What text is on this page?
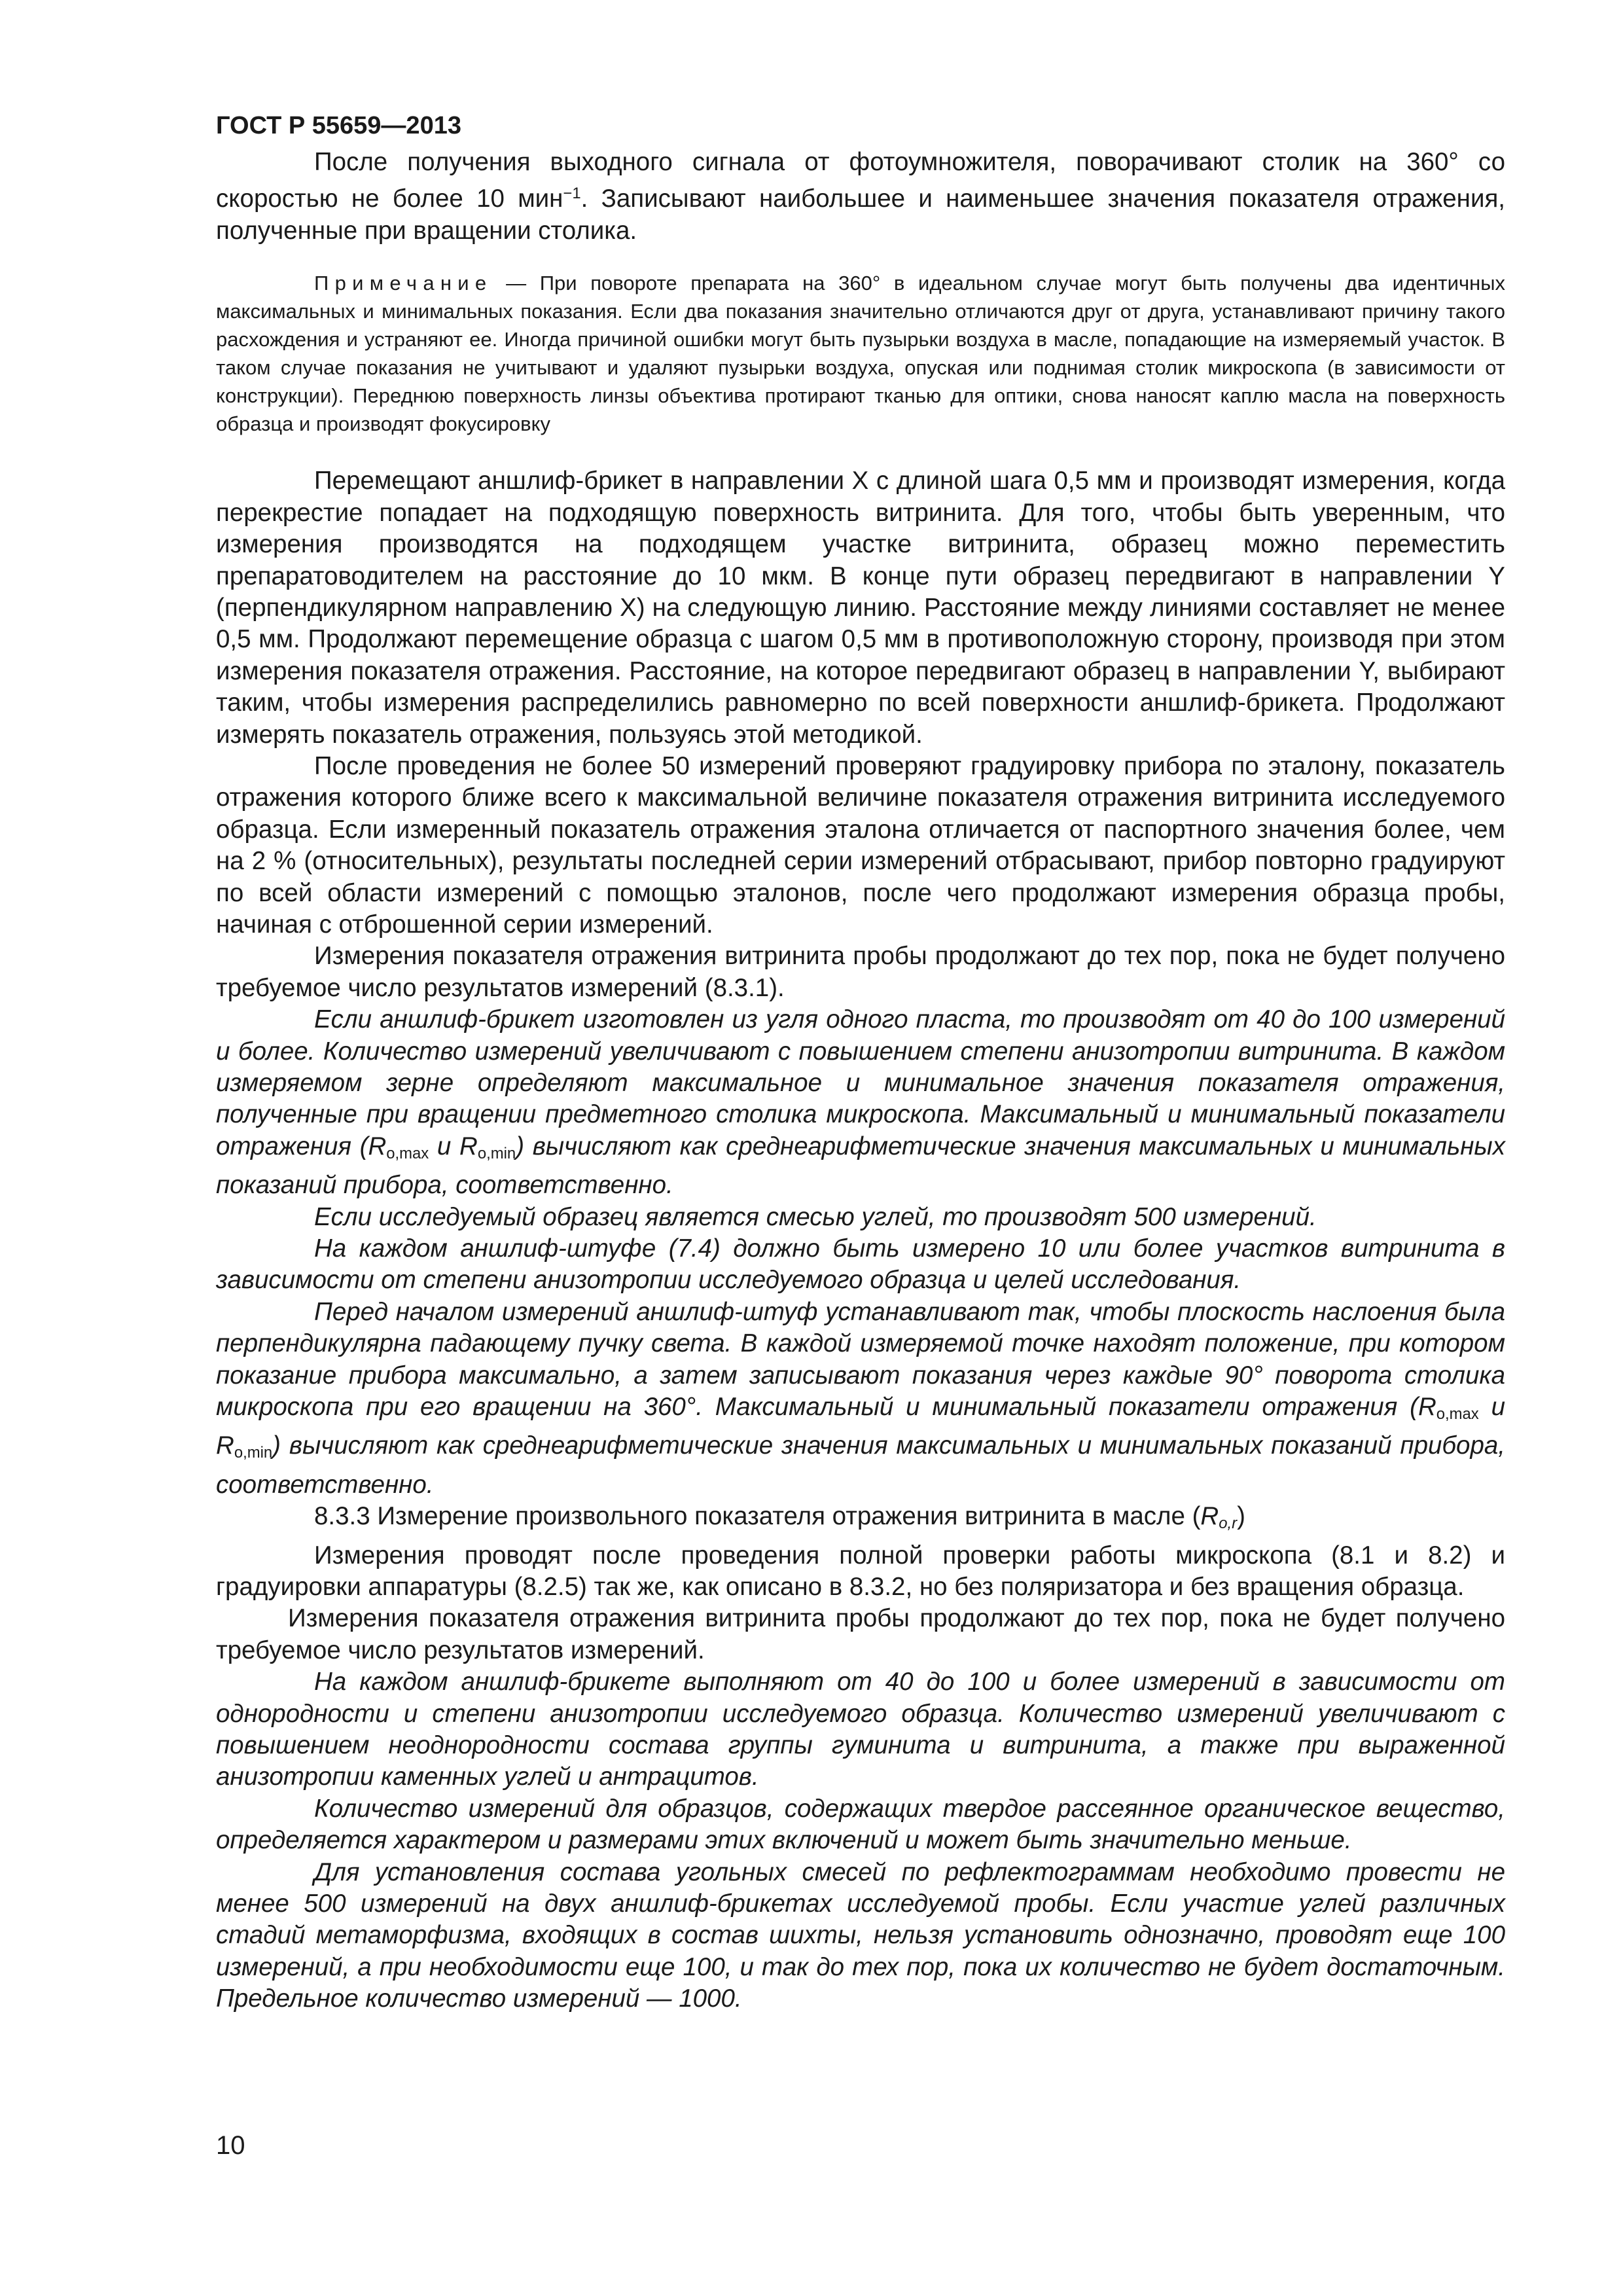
ГОСТ Р 55659—2013

После получения выходного сигнала от фотоумножителя, поворачивают столик на 360° со скоростью не более 10 мин$^{-1}$. Записывают наибольшее и наименьшее значения показателя отражения, полученные при вращении столика.

Примечание — При повороте препарата на 360° в идеальном случае могут быть получены два идентичных максимальных и минимальных показания. Если два показания значительно отличаются друг от друга, устанавливают причину такого расхождения и устраняют ее. Иногда причиной ошибки могут быть пузырьки воздуха в масле, попадающие на измеряемый участок. В таком случае показания не учитывают и удаляют пузырьки воздуха, опуская или поднимая столик микроскопа (в зависимости от конструкции). Переднюю поверхность линзы объектива протирают тканью для оптики, снова наносят каплю масла на поверхность образца и производят фокусировку

Перемещают аншлиф-брикет в направлении X с длиной шага 0,5 мм и производят измерения, когда перекрестие попадает на подходящую поверхность витринита. Для того, чтобы быть уверенным, что измерения производятся на подходящем участке витринита, образец можно переместить препаратоводителем на расстояние до 10 мкм. В конце пути образец передвигают в направлении Y (перпендикулярном направлению X) на следующую линию. Расстояние между линиями составляет не менее 0,5 мм. Продолжают перемещение образца с шагом 0,5 мм в противоположную сторону, производя при этом измерения показателя отражения. Расстояние, на которое передвигают образец в направлении Y, выбирают таким, чтобы измерения распределились равномерно по всей поверхности аншлиф-брикета. Продолжают измерять показатель отражения, пользуясь этой методикой.

После проведения не более 50 измерений проверяют градуировку прибора по эталону, показатель отражения которого ближе всего к максимальной величине показателя отражения витринита исследуемого образца. Если измеренный показатель отражения эталона отличается от паспортного значения более, чем на 2 % (относительных), результаты последней серии измерений отбрасывают, прибор повторно градуируют по всей области измерений с помощью эталонов, после чего продолжают измерения образца пробы, начиная с отброшенной серии измерений.

Измерения показателя отражения витринита пробы продолжают до тех пор, пока не будет получено требуемое число результатов измерений (8.3.1).

Если аншлиф-брикет изготовлен из угля одного пласта, то производят от 40 до 100 измерений и более. Количество измерений увеличивают с повышением степени анизотропии витринита. В каждом измеряемом зерне определяют максимальное и минимальное значения показателя отражения, полученные при вращении предметного столика микроскопа. Максимальный и минимальный показатели отражения ($R_{o,max}$ и $R_{o,min}$) вычисляют как среднеарифметические значения максимальных и минимальных показаний прибора, соответственно.

Если исследуемый образец является смесью углей, то производят 500 измерений.

На каждом аншлиф-штуфе (7.4) должно быть измерено 10 или более участков витринита в зависимости от степени анизотропии исследуемого образца и целей исследования.

Перед началом измерений аншлиф-штуф устанавливают так, чтобы плоскость наслоения была перпендикулярна падающему пучку света. В каждой измеряемой точке находят положение, при котором показание прибора максимально, а затем записывают показания через каждые 90° поворота столика микроскопа при его вращении на 360°. Максимальный и минимальный показатели отражения ($R_{o,max}$ и $R_{o,min}$) вычисляют как среднеарифметические значения максимальных и минимальных показаний прибора, соответственно.

8.3.3 Измерение произвольного показателя отражения витринита в масле $(R_{o,r})$

Измерения проводят после проведения полной проверки работы микроскопа (8.1 и 8.2) и градуировки аппаратуры (8.2.5) так же, как описано в 8.3.2, но без поляризатора и без вращения образца.

Измерения показателя отражения витринита пробы продолжают до тех пор, пока не будет получено требуемое число результатов измерений.

На каждом аншлиф-брикете выполняют от 40 до 100 и более измерений в зависимости от однородности и степени анизотропии исследуемого образца. Количество измерений увеличивают с повышением неоднородности состава группы гуминита и витринита, а также при выраженной анизотропии каменных углей и антрацитов.

Количество измерений для образцов, содержащих твердое рассеянное органическое вещество, определяется характером и размерами этих включений и может быть значительно меньше.

Для установления состава угольных смесей по рефлектограммам необходимо провести не менее 500 измерений на двух аншлиф-брикетах исследуемой пробы. Если участие углей различных стадий метаморфизма, входящих в состав шихты, нельзя установить однозначно, проводят еще 100 измерений, а при необходимости еще 100, и так до тех пор, пока их количество не будет достаточным. Предельное количество измерений — 1000.

10
